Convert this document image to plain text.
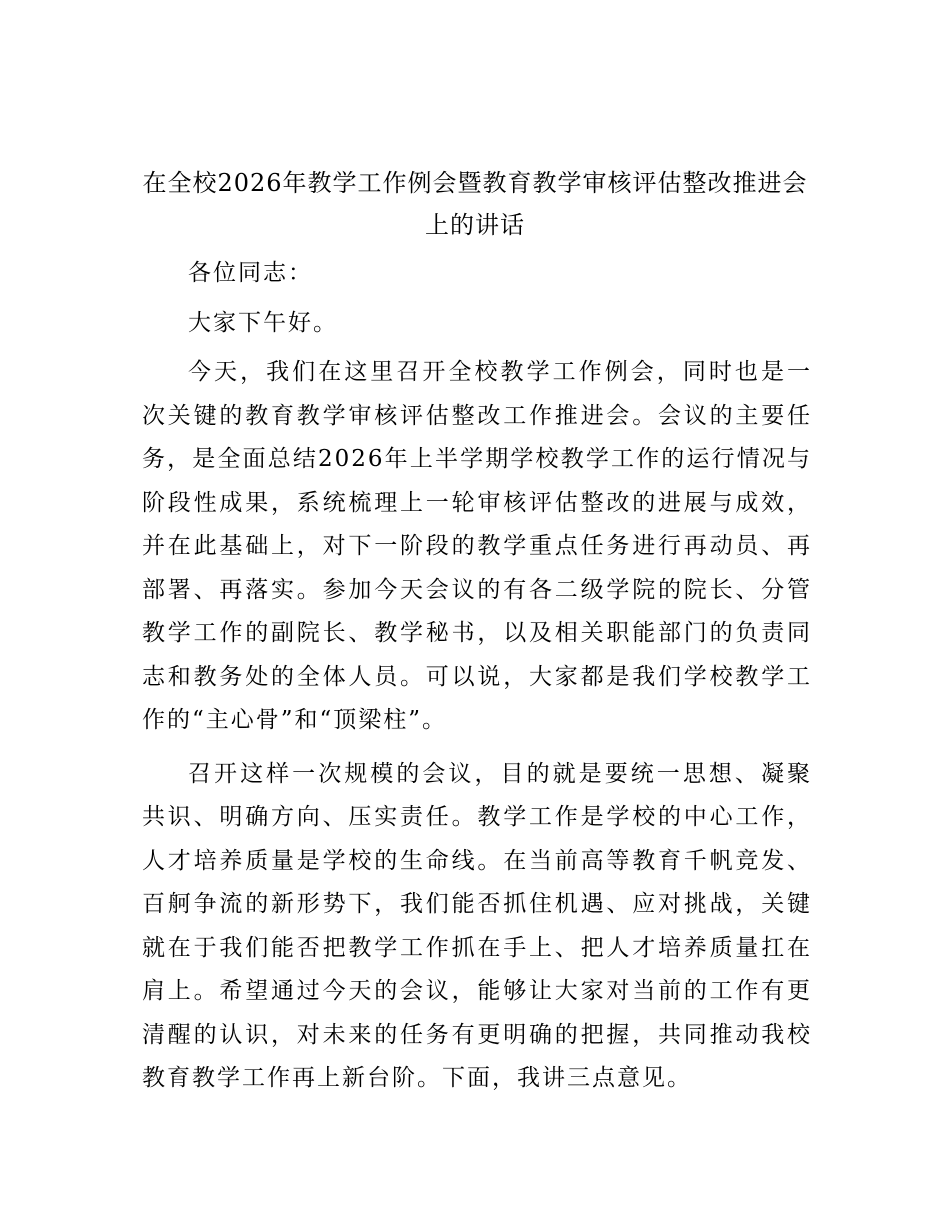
在全校2026年教学工作例会暨教育教学审核评估整改推进会上的讲话

各位同志：

大家下午好。

今天，我们在这里召开全校教学工作例会，同时也是一次关键的教育教学审核评估整改工作推进会。会议的主要任务，是全面总结2026年上半学期学校教学工作的运行情况与阶段性成果，系统梳理上一轮审核评估整改的进展与成效，并在此基础上，对下一阶段的教学重点任务进行再动员、再部署、再落实。参加今天会议的有各二级学院的院长、分管教学工作的副院长、教学秘书，以及相关职能部门的负责同志和教务处的全体人员。可以说，大家都是我们学校教学工作的“主心骨”和“顶梁柱”。

召开这样一次规模的会议，目的就是要统一思想、凝聚共识、明确方向、压实责任。教学工作是学校的中心工作，人才培养质量是学校的生命线。在当前高等教育千帆竞发、百舸争流的新形势下，我们能否抓住机遇、应对挑战，关键就在于我们能否把教学工作抓在手上、把人才培养质量扛在肩上。希望通过今天的会议，能够让大家对当前的工作有更清醒的认识，对未来的任务有更明确的把握，共同推动我校教育教学工作再上新台阶。下面，我讲三点意见。
